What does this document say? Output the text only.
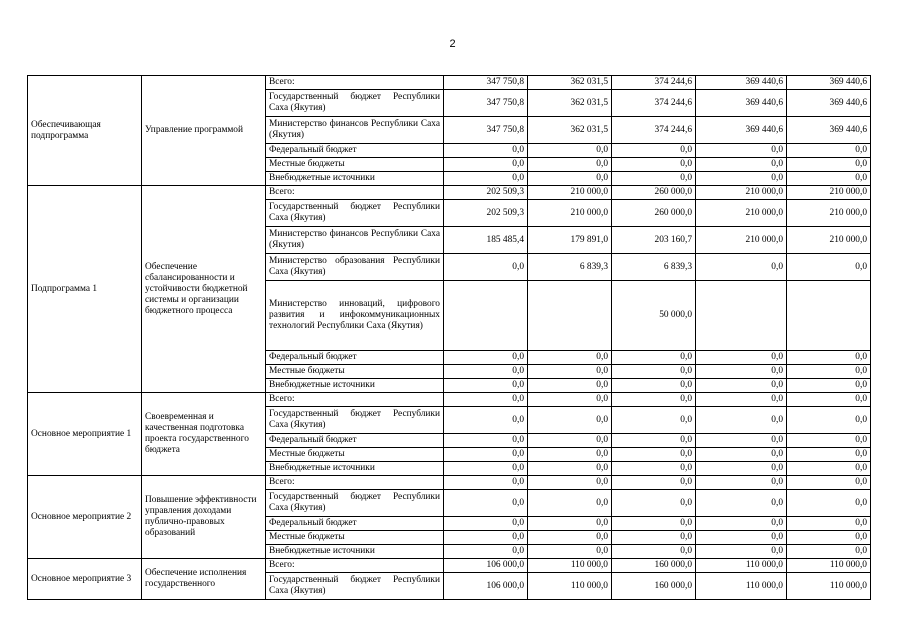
2
Обеспечивающая подпрограмма	Управление программой	Всего:	347 750,8	362 031,5	374 244,6	369 440,6	369 440,6
		Государственный бюджет Республики Саха (Якутия)	347 750,8	362 031,5	374 244,6	369 440,6	369 440,6
		Министерство финансов Республики Саха (Якутия)	347 750,8	362 031,5	374 244,6	369 440,6	369 440,6
		Федеральный бюджет	0,0	0,0	0,0	0,0	0,0
		Местные бюджеты	0,0	0,0	0,0	0,0	0,0
		Внебюджетные источники	0,0	0,0	0,0	0,0	0,0
Подпрограмма 1	Обеспечение сбалансированности и устойчивости бюджетной системы и организации бюджетного процесса	Всего:	202 509,3	210 000,0	260 000,0	210 000,0	210 000,0
		Государственный бюджет Республики Саха (Якутия)	202 509,3	210 000,0	260 000,0	210 000,0	210 000,0
		Министерство финансов Республики Саха (Якутия)	185 485,4	179 891,0	203 160,7	210 000,0	210 000,0
		Министерство образования Республики Саха (Якутия)	0,0	6 839,3	6 839,3	0,0	0,0
		Министерство инноваций, цифрового развития и инфокоммуникационных технологий Республики Саха (Якутия)			50 000,0		
		Федеральный бюджет	0,0	0,0	0,0	0,0	0,0
		Местные бюджеты	0,0	0,0	0,0	0,0	0,0
		Внебюджетные источники	0,0	0,0	0,0	0,0	0,0
Основное мероприятие 1	Своевременная и качественная подготовка проекта государственного бюджета	Всего:	0,0	0,0	0,0	0,0	0,0
		Государственный бюджет Республики Саха (Якутия)	0,0	0,0	0,0	0,0	0,0
		Федеральный бюджет	0,0	0,0	0,0	0,0	0,0
		Местные бюджеты	0,0	0,0	0,0	0,0	0,0
		Внебюджетные источники	0,0	0,0	0,0	0,0	0,0
Основное мероприятие 2	Повышение эффективности управления доходами публично-правовых образований	Всего:	0,0	0,0	0,0	0,0	0,0
		Государственный бюджет Республики Саха (Якутия)	0,0	0,0	0,0	0,0	0,0
		Федеральный бюджет	0,0	0,0	0,0	0,0	0,0
		Местные бюджеты	0,0	0,0	0,0	0,0	0,0
		Внебюджетные источники	0,0	0,0	0,0	0,0	0,0
Основное мероприятие 3	Обеспечение исполнения государственного	Всего:	106 000,0	110 000,0	160 000,0	110 000,0	110 000,0
		Государственный бюджет Республики Саха (Якутия)	106 000,0	110 000,0	160 000,0	110 000,0	110 000,0
